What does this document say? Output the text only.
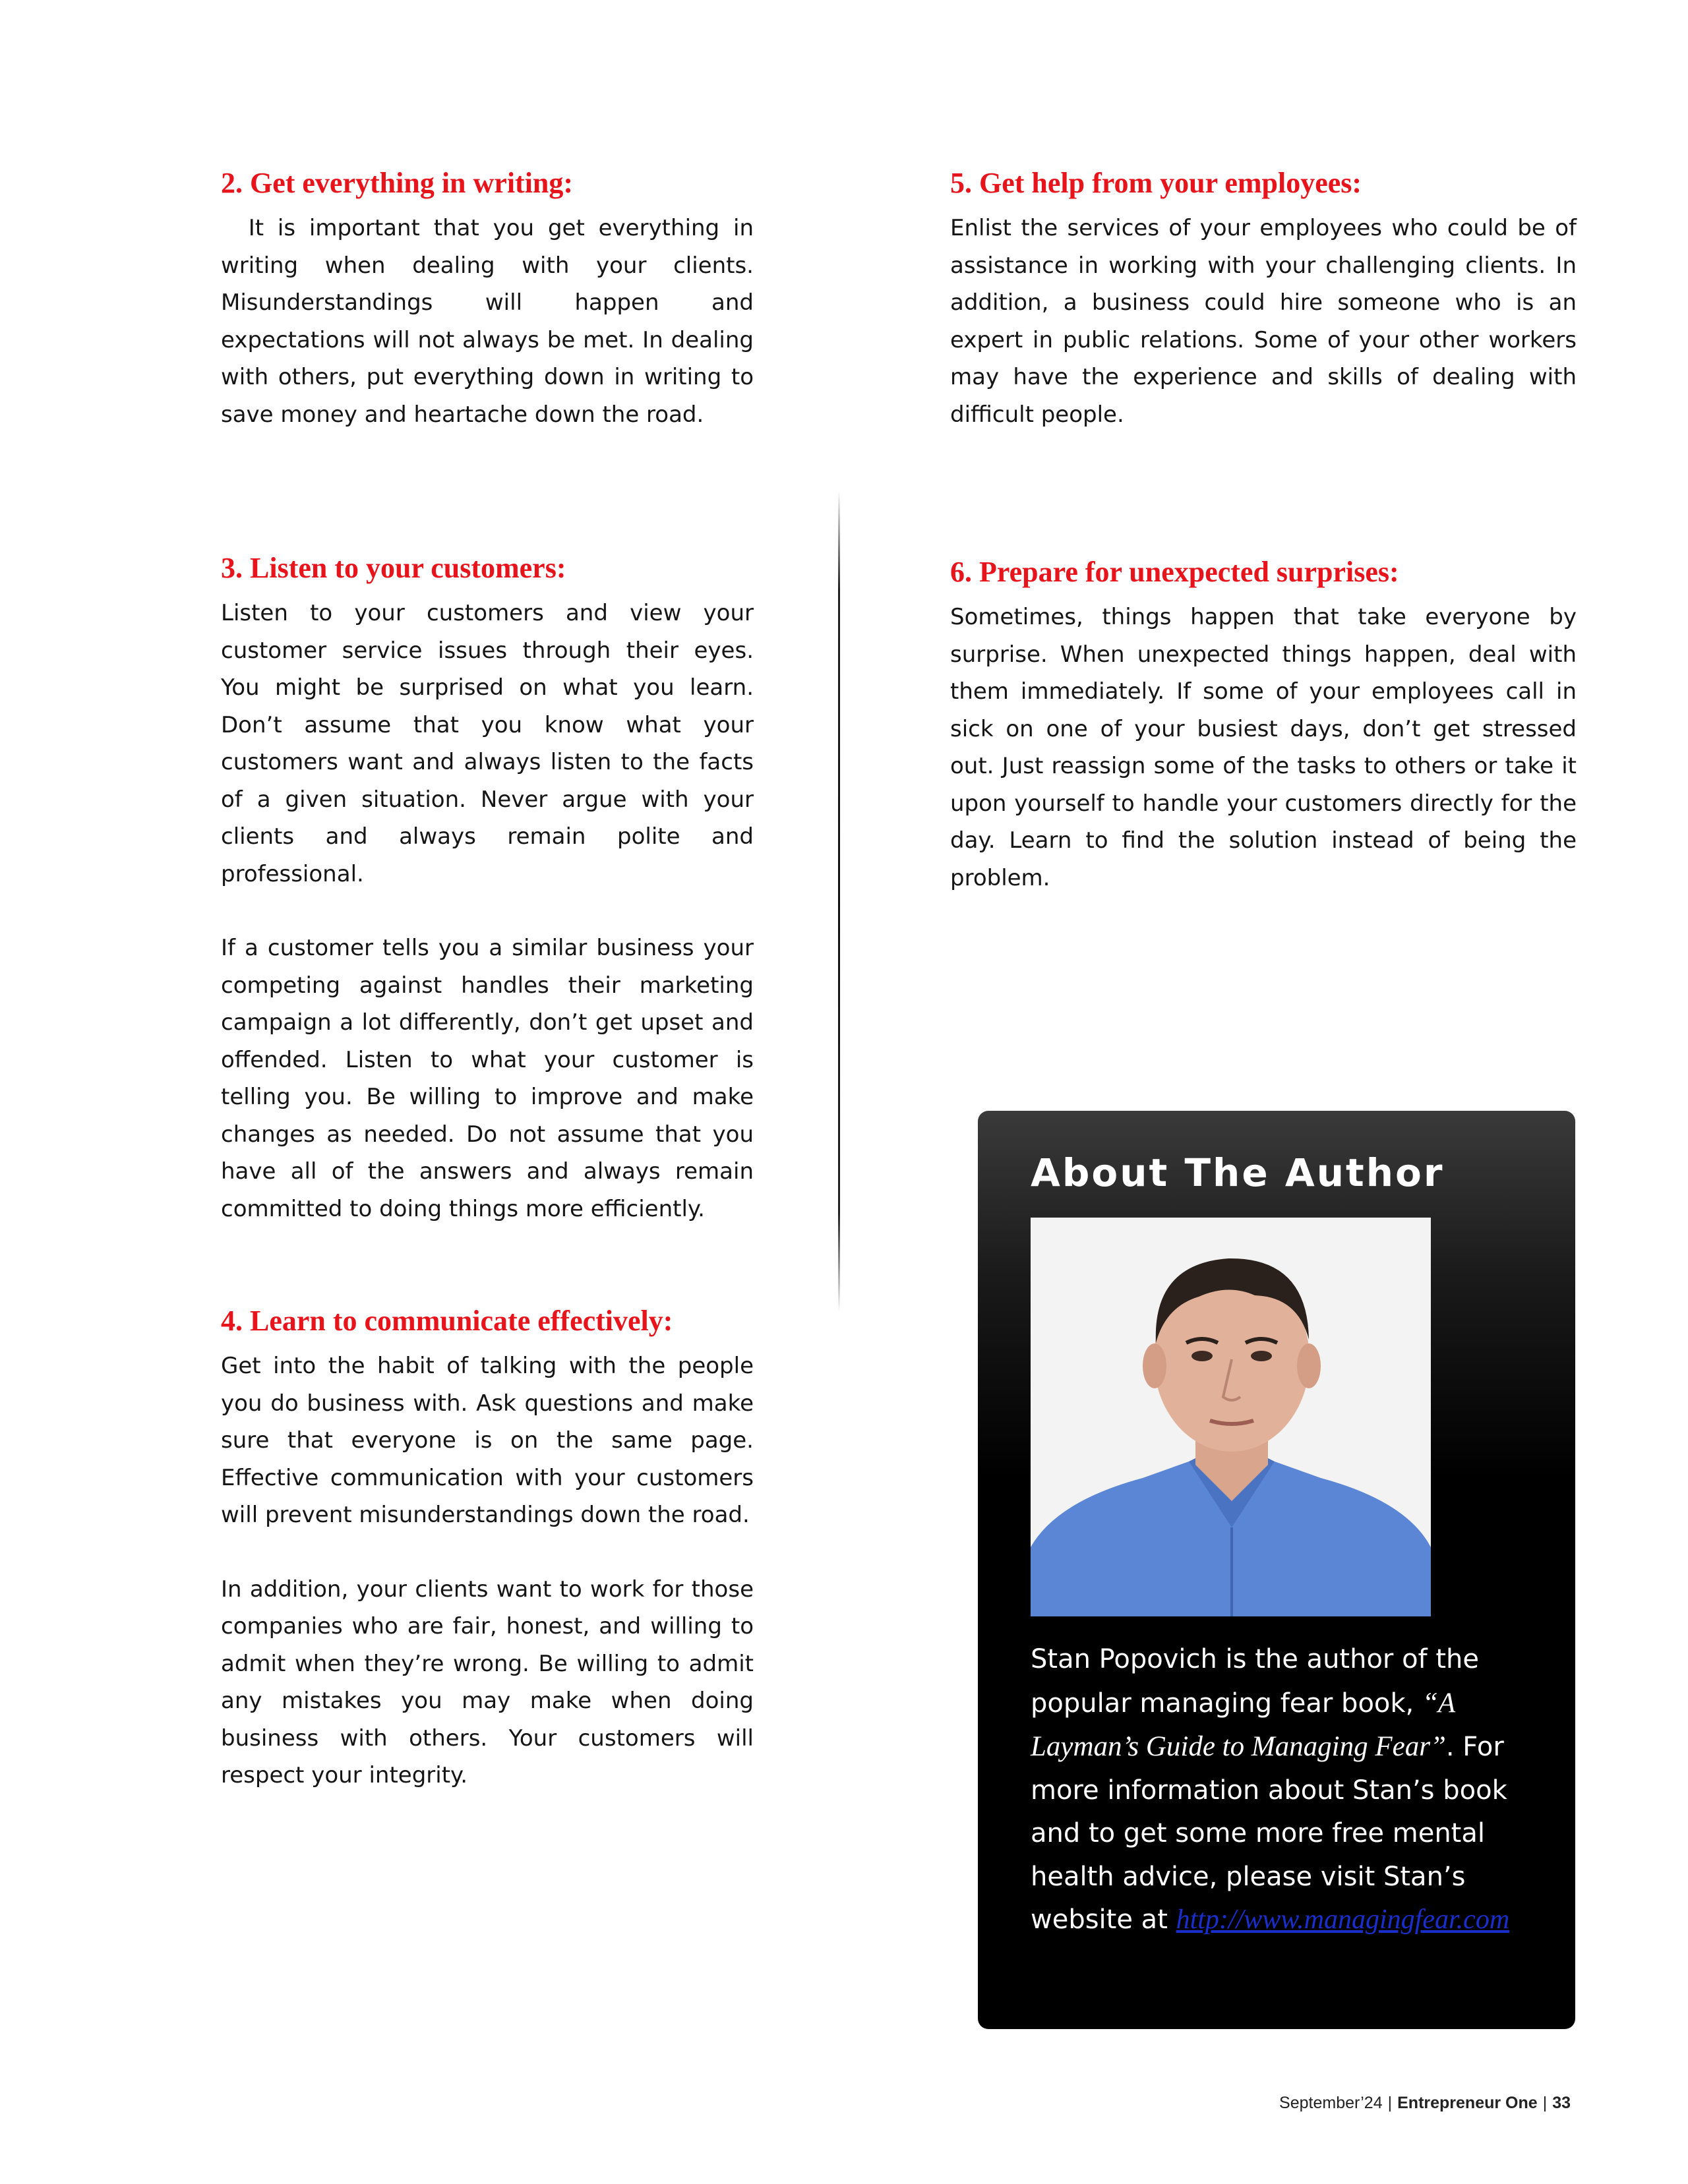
2. Get everything in writing:

It is important that you get everything in writing when dealing with your clients. Misunderstandings will happen and expectations will not always be met. In dealing with others, put everything down in writing to save money and heartache down the road.

3. Listen to your customers:

Listen to your customers and view your customer service issues through their eyes. You might be surprised on what you learn. Don’t assume that you know what your customers want and always listen to the facts of a given situation. Never argue with your clients and always remain polite and professional.

If a customer tells you a similar business your competing against handles their marketing campaign a lot differently, don’t get upset and offended. Listen to what your customer is telling you. Be willing to improve and make changes as needed. Do not assume that you have all of the answers and always remain committed to doing things more efficiently.

4. Learn to communicate effectively:

Get into the habit of talking with the people you do business with. Ask questions and make sure that everyone is on the same page. Effective communication with your customers will prevent misunderstandings down the road.

In addition, your clients want to work for those companies who are fair, honest, and willing to admit when they’re wrong. Be willing to admit any mistakes you may make when doing business with others. Your customers will respect your integrity.

5. Get help from your employees:

Enlist the services of your employees who could be of assistance in working with your challenging clients. In addition, a business could hire someone who is an expert in public relations. Some of your other workers may have the experience and skills of dealing with difficult people.

6. Prepare for unexpected surprises:

Sometimes, things happen that take everyone by surprise. When unexpected things happen, deal with them immediately. If some of your employees call in sick on one of your busiest days, don’t get stressed out. Just reassign some of the tasks to others or take it upon yourself to handle your customers directly for the day. Learn to find the solution instead of being the problem.

About The Author

Stan Popovich is the author of the popular managing fear book, “A Layman’s Guide to Managing Fear”. For more information about Stan’s book and to get some more free mental health advice, please visit Stan’s website at http://www.managingfear.com

September’24 | Entrepreneur One | 33
